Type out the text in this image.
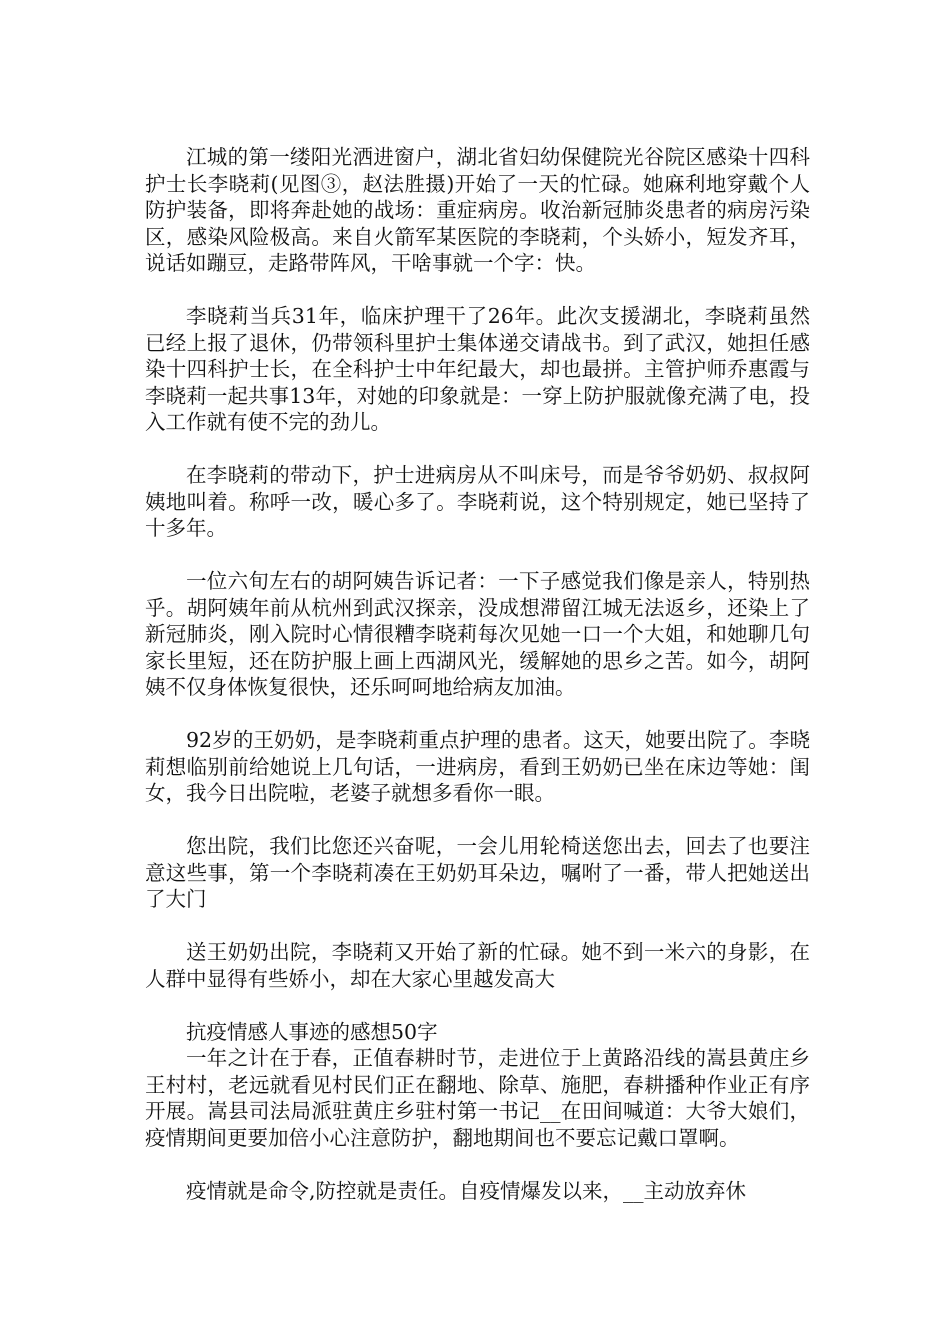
江城的第一缕阳光洒进窗户，湖北省妇幼保健院光谷院区感染十四科护士长李晓莉(见图③，赵法胜摄)开始了一天的忙碌。她麻利地穿戴个人防护装备，即将奔赴她的战场：重症病房。收治新冠肺炎患者的病房污染区，感染风险极高。来自火箭军某医院的李晓莉，个头娇小，短发齐耳，说话如蹦豆，走路带阵风，干啥事就一个字：快。

李晓莉当兵31年，临床护理干了26年。此次支援湖北，李晓莉虽然已经上报了退休，仍带领科里护士集体递交请战书。到了武汉，她担任感染十四科护士长，在全科护士中年纪最大，却也最拼。主管护师乔惠霞与李晓莉一起共事13年，对她的印象就是：一穿上防护服就像充满了电，投入工作就有使不完的劲儿。

在李晓莉的带动下，护士进病房从不叫床号，而是爷爷奶奶、叔叔阿姨地叫着。称呼一改，暖心多了。李晓莉说，这个特别规定，她已坚持了十多年。

一位六旬左右的胡阿姨告诉记者：一下子感觉我们像是亲人，特别热乎。胡阿姨年前从杭州到武汉探亲，没成想滞留江城无法返乡，还染上了新冠肺炎，刚入院时心情很糟李晓莉每次见她一口一个大姐，和她聊几句家长里短，还在防护服上画上西湖风光，缓解她的思乡之苦。如今，胡阿姨不仅身体恢复很快，还乐呵呵地给病友加油。

92岁的王奶奶，是李晓莉重点护理的患者。这天，她要出院了。李晓莉想临别前给她说上几句话，一进病房，看到王奶奶已坐在床边等她：闺女，我今日出院啦，老婆子就想多看你一眼。

您出院，我们比您还兴奋呢，一会儿用轮椅送您出去，回去了也要注意这些事，第一个李晓莉凑在王奶奶耳朵边，嘱咐了一番，带人把她送出了大门

送王奶奶出院，李晓莉又开始了新的忙碌。她不到一米六的身影，在人群中显得有些娇小，却在大家心里越发高大

抗疫情感人事迹的感想50字

一年之计在于春，正值春耕时节，走进位于上黄路沿线的嵩县黄庄乡王村村，老远就看见村民们正在翻地、除草、施肥，春耕播种作业正有序开展。嵩县司法局派驻黄庄乡驻村第一书记__在田间喊道：大爷大娘们，疫情期间更要加倍小心注意防护，翻地期间也不要忘记戴口罩啊。

疫情就是命令,防控就是责任。自疫情爆发以来，__主动放弃休
